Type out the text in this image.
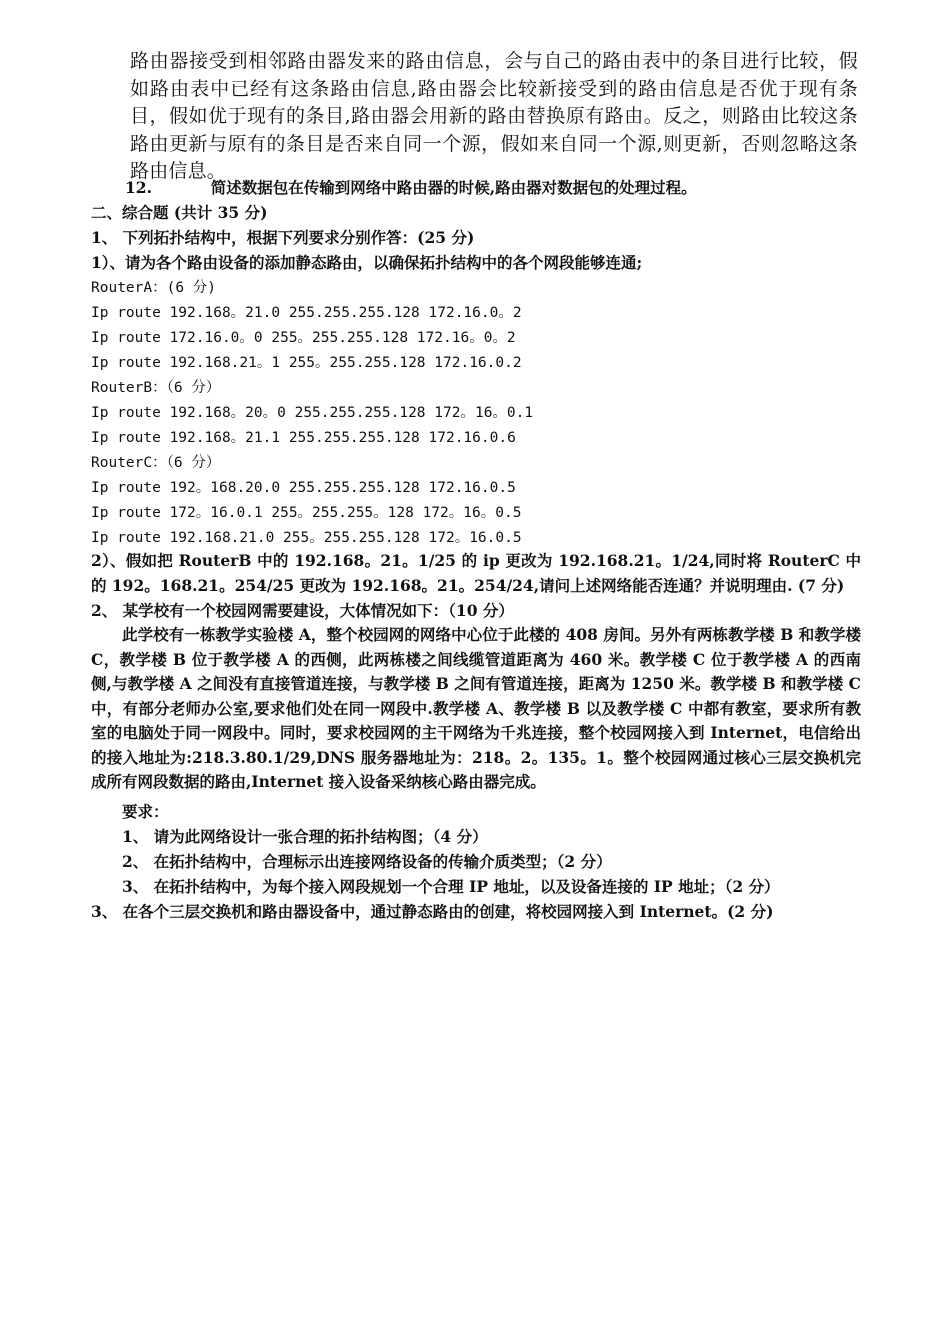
路由器接受到相邻路由器发来的路由信息，会与自己的路由表中的条目进行比较，假如路由表中已经有这条路由信息,路由器会比较新接受到的路由信息是否优于现有条目，假如优于现有的条目,路由器会用新的路由替换原有路由。反之，则路由比较这条路由更新与原有的条目是否来自同一个源，假如来自同一个源,则更新，否则忽略这条路由信息。
12.	简述数据包在传输到网络中路由器的时候,路由器对数据包的处理过程。
二、综合题 (共计 35 分)
1、 下列拓扑结构中，根据下列要求分别作答：(25 分)
1）、请为各个路由设备的添加静态路由，以确保拓扑结构中的各个网段能够连通;
RouterA：(6 分)
Ip route 192.168。21.0 255.255.255.128 172.16.0。2
Ip route 172.16.0。0 255。255.255.128 172.16。0。2
Ip route 192.168.21。1 255。255.255.128 172.16.0.2
RouterB：（6 分）
Ip route 192.168。20。0 255.255.255.128 172。16。0.1
Ip route 192.168。21.1 255.255.255.128 172.16.0.6
RouterC：（6 分）
Ip route 192。168.20.0 255.255.255.128 172.16.0.5
Ip route 172。16.0.1 255。255.255。128 172。16。0.5
Ip route 192.168.21.0 255。255.255.128 172。16.0.5
2）、假如把 RouterB 中的 192.168。21。1/25 的 ip 更改为 192.168.21。1/24,同时将 RouterC 中的 192。168.21。254/25 更改为 192.168。21。254/24,请问上述网络能否连通？并说明理由. (7 分)
2、 某学校有一个校园网需要建设，大体情况如下：（10 分）
此学校有一栋教学实验楼 A，整个校园网的网络中心位于此楼的 408 房间。另外有两栋教学楼 B 和教学楼 C，教学楼 B 位于教学楼 A 的西侧，此两栋楼之间线缆管道距离为 460 米。教学楼 C 位于教学楼 A 的西南侧,与教学楼 A 之间没有直接管道连接，与教学楼 B 之间有管道连接，距离为 1250 米。教学楼 B 和教学楼 C 中，有部分老师办公室,要求他们处在同一网段中.教学楼 A、教学楼 B 以及教学楼 C 中都有教室，要求所有教室的电脑处于同一网段中。同时，要求校园网的主干网络为千兆连接，整个校园网接入到 Internet，电信给出的接入地址为:218.3.80.1/29,DNS 服务器地址为：218。2。135。1。整个校园网通过核心三层交换机完成所有网段数据的路由,Internet 接入设备采纳核心路由器完成。
要求：
1、 请为此网络设计一张合理的拓扑结构图；（4 分）
2、 在拓扑结构中，合理标示出连接网络设备的传输介质类型；（2 分）
3、 在拓扑结构中，为每个接入网段规划一个合理 IP 地址，以及设备连接的 IP 地址；（2 分）
3、 在各个三层交换机和路由器设备中，通过静态路由的创建，将校园网接入到 Internet。(2 分)
